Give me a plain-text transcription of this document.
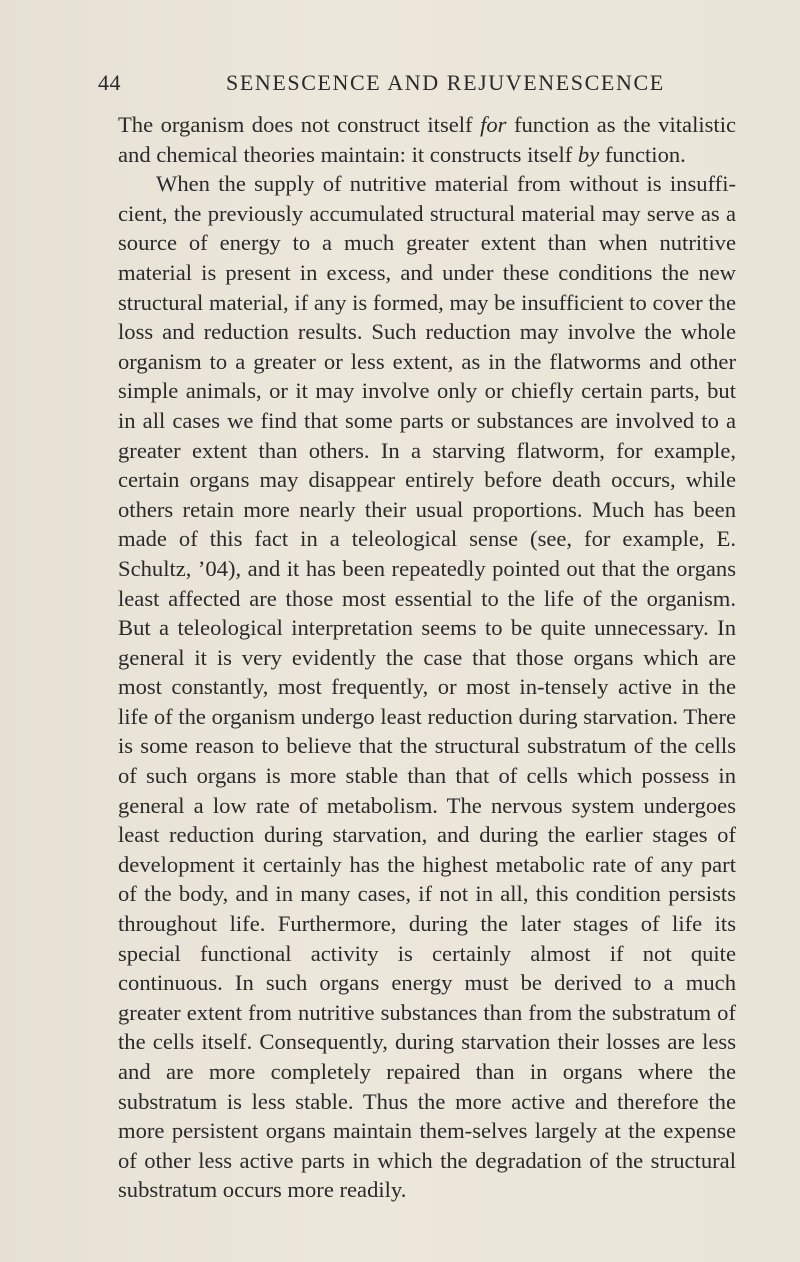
44	SENESCENCE AND REJUVENESCENCE

The organism does not construct itself for function as the vitalistic and chemical theories maintain: it constructs itself by function.

When the supply of nutritive material from without is insuffi-cient, the previously accumulated structural material may serve as a source of energy to a much greater extent than when nutritive material is present in excess, and under these conditions the new structural material, if any is formed, may be insufficient to cover the loss and reduction results. Such reduction may involve the whole organism to a greater or less extent, as in the flatworms and other simple animals, or it may involve only or chiefly certain parts, but in all cases we find that some parts or substances are involved to a greater extent than others. In a starving flatworm, for example, certain organs may disappear entirely before death occurs, while others retain more nearly their usual proportions. Much has been made of this fact in a teleological sense (see, for example, E. Schultz, ’04), and it has been repeatedly pointed out that the organs least affected are those most essential to the life of the organism. But a teleological interpretation seems to be quite unnecessary. In general it is very evidently the case that those organs which are most constantly, most frequently, or most in-tensely active in the life of the organism undergo least reduction during starvation. There is some reason to believe that the structural substratum of the cells of such organs is more stable than that of cells which possess in general a low rate of metabolism. The nervous system undergoes least reduction during starvation, and during the earlier stages of development it certainly has the highest metabolic rate of any part of the body, and in many cases, if not in all, this condition persists throughout life. Furthermore, during the later stages of life its special functional activity is certainly almost if not quite continuous. In such organs energy must be derived to a much greater extent from nutritive substances than from the substratum of the cells itself. Consequently, during starvation their losses are less and are more completely repaired than in organs where the substratum is less stable. Thus the more active and therefore the more persistent organs maintain them-selves largely at the expense of other less active parts in which the degradation of the structural substratum occurs more readily.
